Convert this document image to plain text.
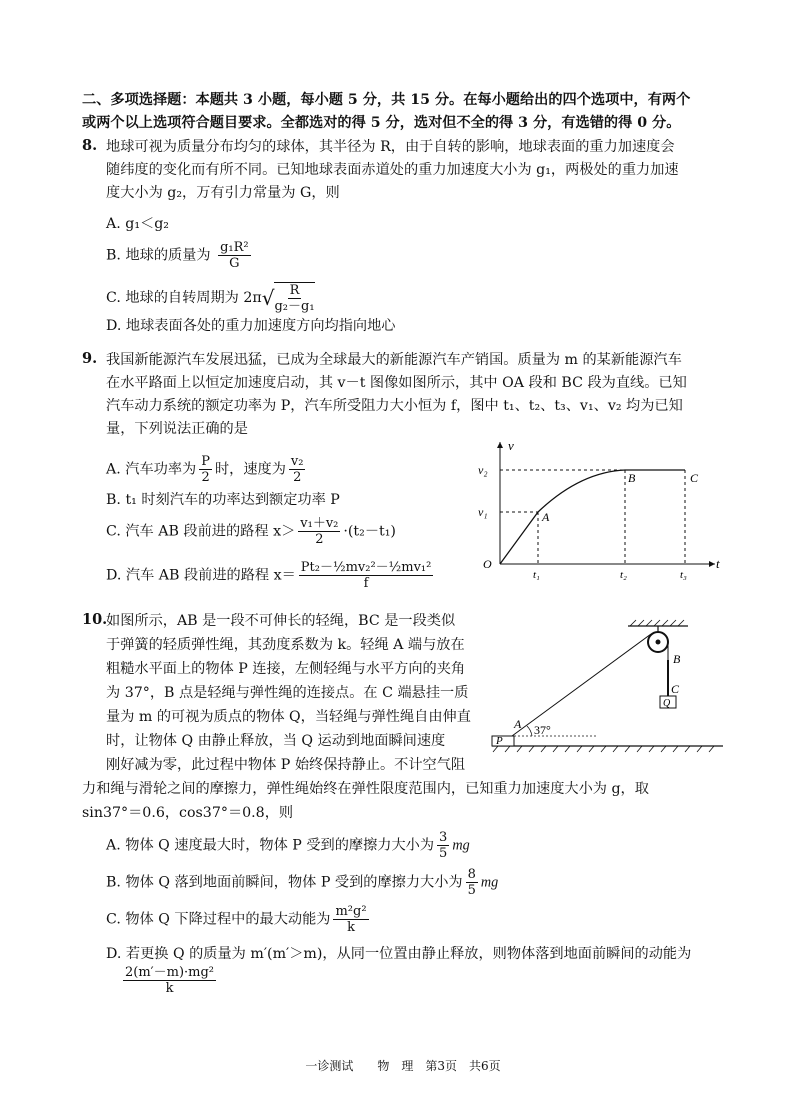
二、多项选择题：本题共 3 小题，每小题 5 分，共 15 分。在每小题给出的四个选项中，有两个
或两个以上选项符合题目要求。全都选对的得 5 分，选对但不全的得 3 分，有选错的得 0 分。
8. 地球可视为质量分布均匀的球体，其半径为 R，由于自转的影响，地球表面的重力加速度会
随纬度的变化而有所不同。已知地球表面赤道处的重力加速度大小为 g₁，两极处的重力加速
度大小为 g₂，万有引力常量为 G，则
A. g₁＜g₂
B. 地球的质量为 $\frac{\text{g₁R²}}{G}$
C. 地球的自转周期为 $2\pi√ \frac{R}{\text{g₂－g₁}}$
D. 地球表面各处的重力加速度方向均指向地心
9. 我国新能源汽车发展迅猛，已成为全球最大的新能源汽车产销国。质量为 m 的某新能源汽车
在水平路面上以恒定加速度启动，其 v－t 图像如图所示，其中 OA 段和 BC 段为直线。已知
汽车动力系统的额定功率为 P，汽车所受阻力大小恒为 f，图中 t₁、t₂、t₃、v₁、v₂ 均为已知
量，下列说法正确的是
A. 汽车功率为 $\frac{P}{2}$ 时，速度为 $\frac{\text{v₂}}{2}$
B. t₁ 时刻汽车的功率达到额定功率 P
C. 汽车 AB 段前进的路程 $x> \frac{\text{v₁＋v₂}}{2} \cdot(t_2-t_1)$
D. 汽车 AB 段前进的路程 $x= \frac{\text{Pt₂－½mv₂²－½mv₁²}}{f}$
v
t
O
v₁
v₂
t₁	t₂	t₃
A
B	C
10.
如图所示，AB 是一段不可伸长的轻绳，BC 是一段类似
于弹簧的轻质弹性绳，其劲度系数为 k。轻绳 A 端与放在
粗糙水平面上的物体 P 连接，左侧轻绳与水平方向的夹角
为 37°，B 点是轻绳与弹性绳的连接点。在 C 端悬挂一质
量为 m 的可视为质点的物体 Q，当轻绳与弹性绳自由伸直
时，让物体 Q 由静止释放，当 Q 运动到地面瞬间速度
刚好减为零，此过程中物体 P 始终保持静止。不计空气阻
力和绳与滑轮之间的摩擦力，弹性绳始终在弹性限度范围内，已知重力加速度大小为 g，取
sin37°＝0.6，cos37°＝0.8，则
A. 物体 Q 速度最大时，物体 P 受到的摩擦力大小为 $\frac{3}{5}$ mg
B. 物体 Q 落到地面前瞬间，物体 P 受到的摩擦力大小为 $\frac{8}{5}$ mg
C. 物体 Q 下降过程中的最大动能为 $\frac{\text{m²g²}}{k}$
D. 若更换 Q 的质量为 m′(m′＞m)，从同一位置由静止释放，则物体落到地面前瞬间的动能为
$\frac{\text{2(m′－m)·mg²}}{k}$
P
A 37°
B
C
Q
一诊测试　　物　理　第3页　共6页
